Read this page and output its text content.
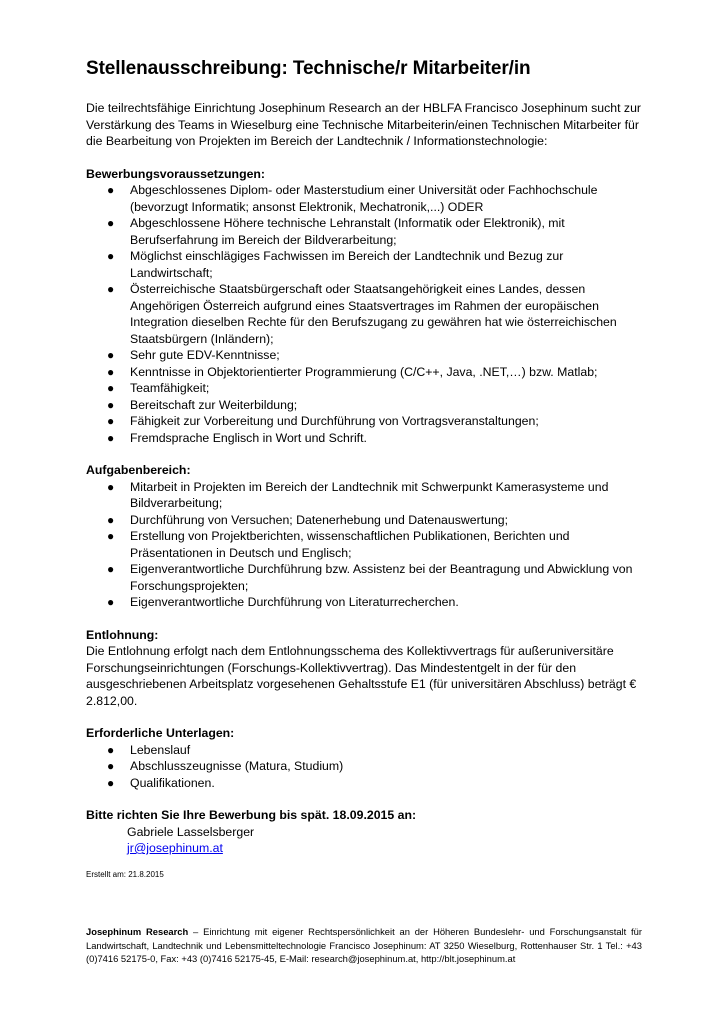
Stellenausschreibung: Technische/r Mitarbeiter/in
Die teilrechtsfähige Einrichtung Josephinum Research an der HBLFA Francisco Josephinum sucht zur Verstärkung des Teams in Wieselburg eine Technische Mitarbeiterin/einen Technischen Mitarbeiter für die Bearbeitung von Projekten im Bereich der Landtechnik / Informationstechnologie:
Bewerbungsvoraussetzungen:
● Abgeschlossenes Diplom- oder Masterstudium einer Universität oder Fachhochschule (bevorzugt Informatik; ansonst Elektronik, Mechatronik,...) ODER
● Abgeschlossene Höhere technische Lehranstalt (Informatik oder Elektronik), mit Berufserfahrung im Bereich der Bildverarbeitung;
● Möglichst einschlägiges Fachwissen im Bereich der Landtechnik und Bezug zur Landwirtschaft;
● Österreichische Staatsbürgerschaft oder Staatsangehörigkeit eines Landes, dessen Angehörigen Österreich aufgrund eines Staatsvertrages im Rahmen der europäischen Integration dieselben Rechte für den Berufszugang zu gewähren hat wie österreichischen Staatsbürgern (Inländern);
● Sehr gute EDV-Kenntnisse;
● Kenntnisse in Objektorientierter Programmierung (C/C++, Java, .NET,…) bzw. Matlab;
● Teamfähigkeit;
● Bereitschaft zur Weiterbildung;
● Fähigkeit zur Vorbereitung und Durchführung von Vortragsveranstaltungen;
● Fremdsprache Englisch in Wort und Schrift.
Aufgabenbereich:
● Mitarbeit in Projekten im Bereich der Landtechnik mit Schwerpunkt Kamerasysteme und Bildverarbeitung;
● Durchführung von Versuchen; Datenerhebung und Datenauswertung;
● Erstellung von Projektberichten, wissenschaftlichen Publikationen, Berichten und Präsentationen in Deutsch und Englisch;
● Eigenverantwortliche Durchführung bzw. Assistenz bei der Beantragung und Abwicklung von Forschungsprojekten;
● Eigenverantwortliche Durchführung von Literaturrecherchen.
Entlohnung:

Die Entlohnung erfolgt nach dem Entlohnungsschema des Kollektivvertrags für außeruniversitäre Forschungseinrichtungen (Forschungs-Kollektivvertrag). Das Mindestentgelt in der für den ausgeschriebenen Arbeitsplatz vorgesehenen Gehaltsstufe E1 (für universitären Abschluss) beträgt € 2.812,00.

Erforderliche Unterlagen:
● Lebenslauf
● Abschlusszeugnisse (Matura, Studium)
● Qualifikationen.
Bitte richten Sie Ihre Bewerbung bis spät. 18.09.2015 an:
Gabriele Lasselsberger
jr@josephinum.at
Erstellt am: 21.8.2015
Josephinum Research – Einrichtung mit eigener Rechtspersönlichkeit an der Höheren Bundeslehr- und Forschungsanstalt für Landwirtschaft, Landtechnik und Lebensmitteltechnologie Francisco Josephinum: AT 3250 Wieselburg, Rottenhauser Str. 1 Tel.: +43 (0)7416 52175-0, Fax: +43 (0)7416 52175-45, E-Mail: research@josephinum.at, http://blt.josephinum.at
